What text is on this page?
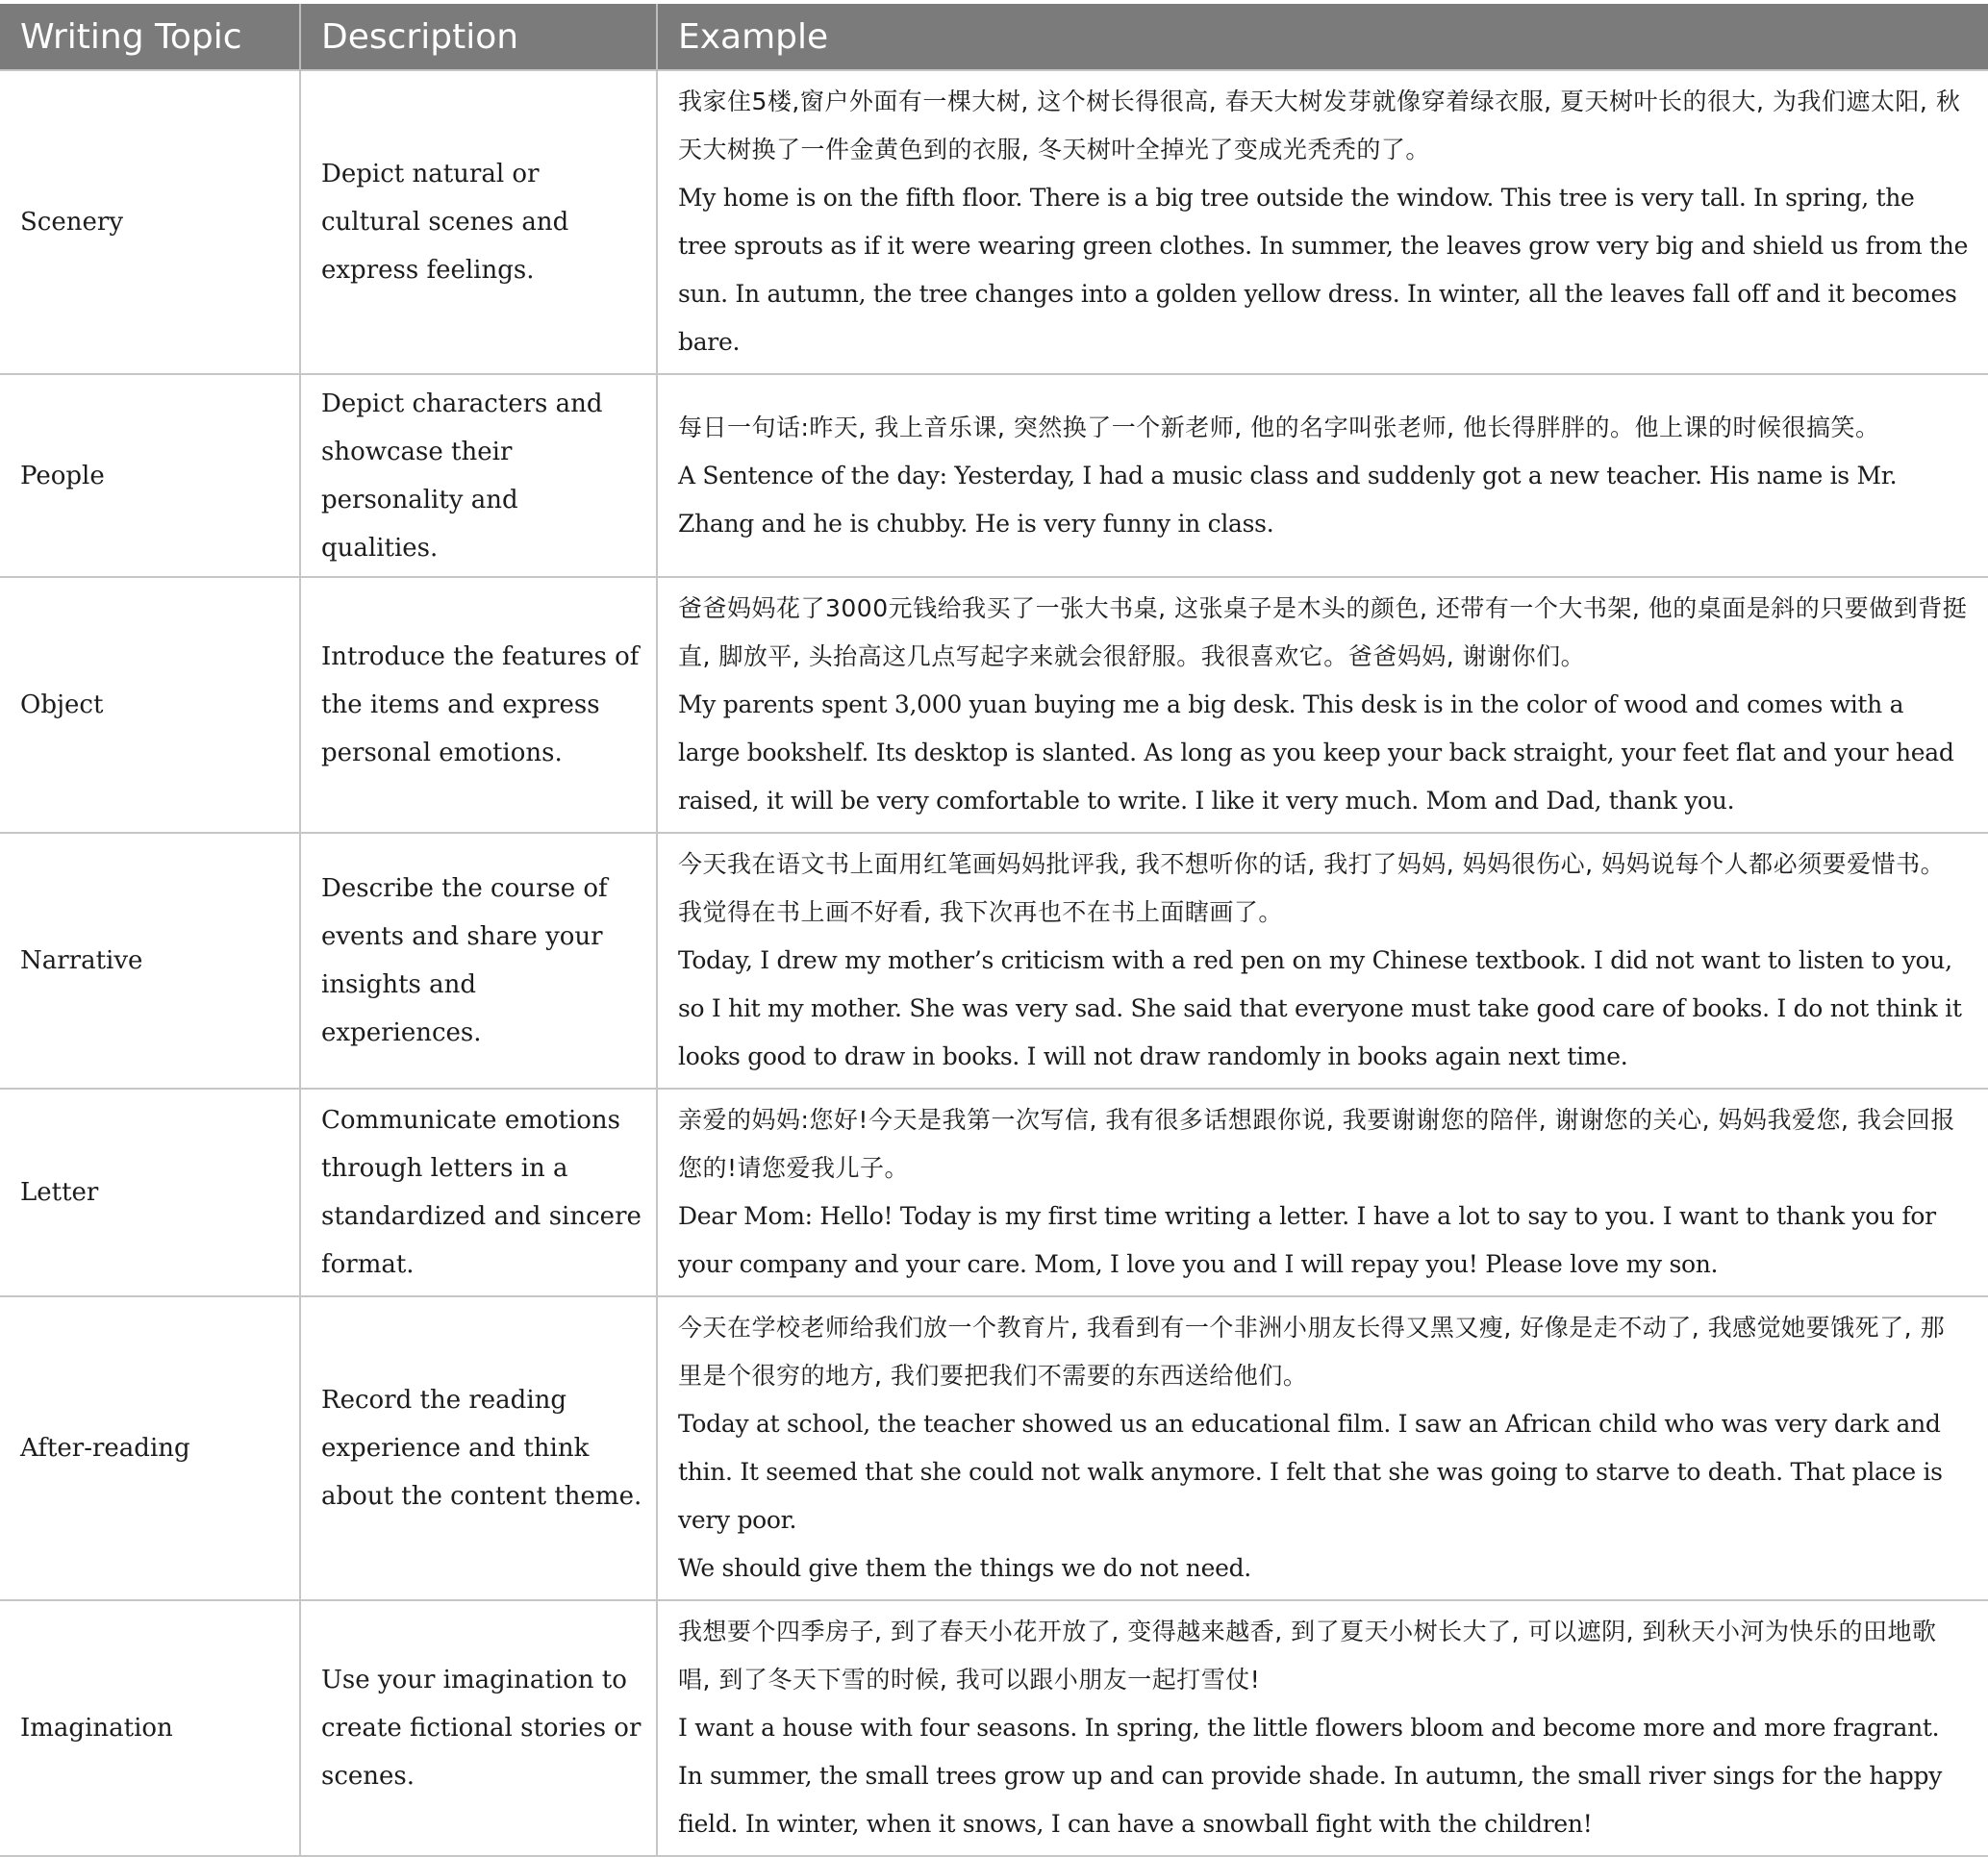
Writing Topic	Description	Example
Scenery	Depict natural or cultural scenes and express feelings.	我家住5楼,窗户外面有一棵大树, 这个树长得很高, 春天大树发芽就像穿着绿衣服, 夏天树叶长的很大, 为我们遮太阳, 秋天大树换了一件金黄色到的衣服, 冬天树叶全掉光了变成光秃秃的了。
My home is on the fifth floor. There is a big tree outside the window. This tree is very tall. In spring, the tree sprouts as if it were wearing green clothes. In summer, the leaves grow very big and shield us from the sun. In autumn, the tree changes into a golden yellow dress. In winter, all the leaves fall off and it becomes bare.

People	Depict characters and showcase their personality and qualities.	每日一句话:昨天, 我上音乐课, 突然换了一个新老师, 他的名字叫张老师, 他长得胖胖的。他上课的时候很搞笑。
A Sentence of the day: Yesterday, I had a music class and suddenly got a new teacher. His name is Mr. Zhang and he is chubby. He is very funny in class.

Object	Introduce the features of the items and express personal emotions.	爸爸妈妈花了3000元钱给我买了一张大书桌, 这张桌子是木头的颜色, 还带有一个大书架, 他的桌面是斜的只要做到背挺直, 脚放平, 头抬高这几点写起字来就会很舒服。我很喜欢它。爸爸妈妈, 谢谢你们。
My parents spent 3,000 yuan buying me a big desk. This desk is in the color of wood and comes with a large bookshelf. Its desktop is slanted. As long as you keep your back straight, your feet flat and your head raised, it will be very comfortable to write. I like it very much. Mom and Dad, thank you.

Narrative	Describe the course of events and share your insights and experiences.	今天我在语文书上面用红笔画妈妈批评我, 我不想听你的话, 我打了妈妈, 妈妈很伤心, 妈妈说每个人都必须要爱惜书。我觉得在书上画不好看, 我下次再也不在书上面瞎画了。
Today, I drew my mother’s criticism with a red pen on my Chinese textbook. I did not want to listen to you, so I hit my mother. She was very sad. She said that everyone must take good care of books. I do not think it looks good to draw in books. I will not draw randomly in books again next time.

Letter	Communicate emotions through letters in a standardized and sincere format.	亲爱的妈妈:您好!今天是我第一次写信, 我有很多话想跟你说, 我要谢谢您的陪伴, 谢谢您的关心, 妈妈我爱您, 我会回报您的!请您爱我儿子。
Dear Mom: Hello! Today is my first time writing a letter. I have a lot to say to you. I want to thank you for your company and your care. Mom, I love you and I will repay you! Please love my son.

After-reading	Record the reading experience and think about the content theme.	今天在学校老师给我们放一个教育片, 我看到有一个非洲小朋友长得又黑又瘦, 好像是走不动了, 我感觉她要饿死了, 那里是个很穷的地方, 我们要把我们不需要的东西送给他们。
Today at school, the teacher showed us an educational film. I saw an African child who was very dark and thin. It seemed that she could not walk anymore. I felt that she was going to starve to death. That place is very poor.
We should give them the things we do not need.

Imagination	Use your imagination to create fictional stories or scenes.	我想要个四季房子, 到了春天小花开放了, 变得越来越香, 到了夏天小树长大了, 可以遮阴, 到秋天小河为快乐的田地歌唱, 到了冬天下雪的时候, 我可以跟小朋友一起打雪仗!
I want a house with four seasons. In spring, the little flowers bloom and become more and more fragrant. In summer, the small trees grow up and can provide shade. In autumn, the small river sings for the happy field. In winter, when it snows, I can have a snowball fight with the children!
